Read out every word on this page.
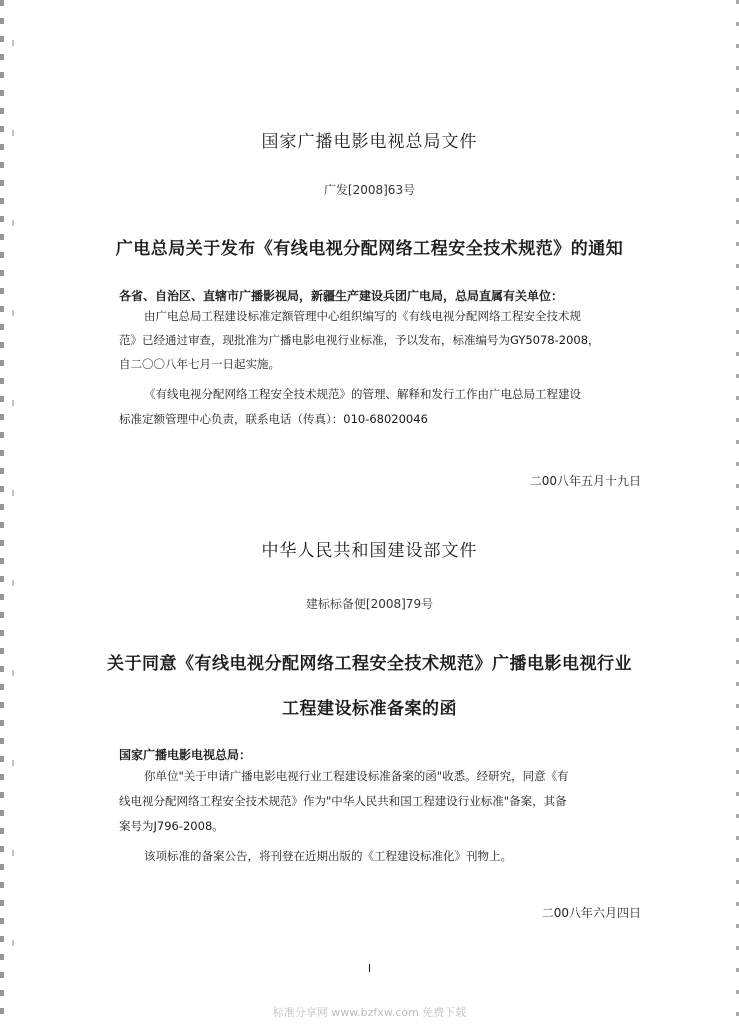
国家广播电影电视总局文件
广发[2008]63号
广电总局关于发布《有线电视分配网络工程安全技术规范》的通知
各省、自治区、直辖市广播影视局，新疆生产建设兵团广电局，总局直属有关单位：
由广电总局工程建设标准定额管理中心组织编写的《有线电视分配网络工程安全技术规
范》已经通过审查，现批准为广播电影电视行业标准，予以发布，标准编号为GY5078-2008，
自二〇〇八年七月一日起实施。
《有线电视分配网络工程安全技术规范》的管理、解释和发行工作由广电总局工程建设
标准定额管理中心负责，联系电话（传真）：010-68020046
二00八年五月十九日
中华人民共和国建设部文件
建标标备便[2008]79号
关于同意《有线电视分配网络工程安全技术规范》广播电影电视行业
工程建设标准备案的函
国家广播电影电视总局：
你单位"关于申请广播电影电视行业工程建设标准备案的函"收悉。经研究，同意《有
线电视分配网络工程安全技术规范》作为"中华人民共和国工程建设行业标准"备案，其备
案号为J796-2008。
该项标准的备案公告，将刊登在近期出版的《工程建设标准化》刊物上。
二00八年六月四日
I
标准分享网 www.bzfxw.com 免费下载
